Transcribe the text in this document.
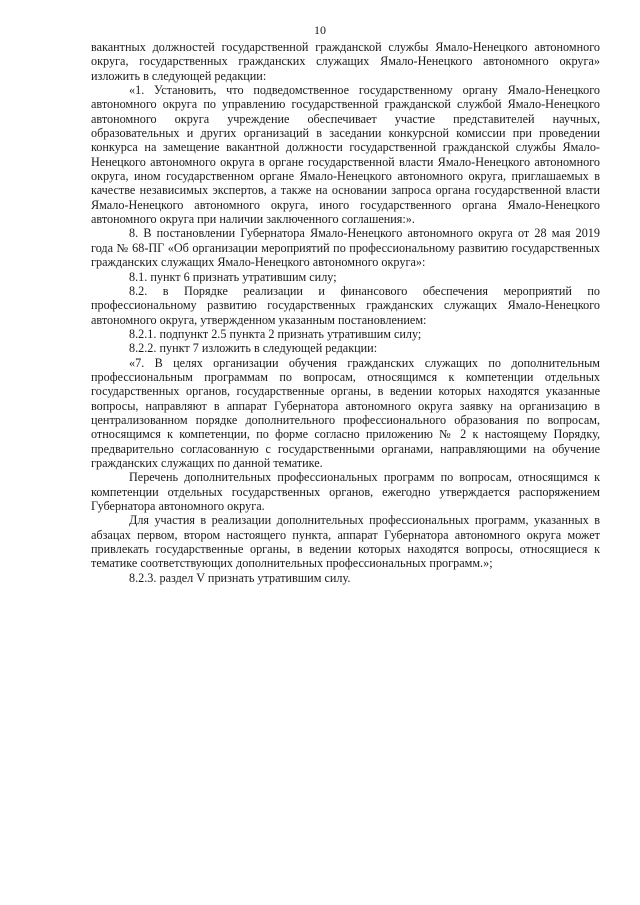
10

вакантных должностей государственной гражданской службы Ямало-Ненецкого автономного округа, государственных гражданских служащих Ямало-Ненецкого автономного округа» изложить в следующей редакции:

«1. Установить, что подведомственное государственному органу Ямало-Ненецкого автономного округа по управлению государственной гражданской службой Ямало-Ненецкого автономного округа учреждение обеспечивает участие представителей научных, образовательных и других организаций в заседании конкурсной комиссии при проведении конкурса на замещение вакантной должности государственной гражданской службы Ямало-Ненецкого автономного округа в органе государственной власти Ямало-Ненецкого автономного округа, ином государственном органе Ямало-Ненецкого автономного округа, приглашаемых в качестве независимых экспертов, а также на основании запроса органа государственной власти Ямало-Ненецкого автономного округа, иного государственного органа Ямало-Ненецкого автономного округа при наличии заключенного соглашения:».

8. В постановлении Губернатора Ямало-Ненецкого автономного округа от 28 мая 2019 года № 68-ПГ «Об организации мероприятий по профессиональному развитию государственных гражданских служащих Ямало-Ненецкого автономного округа»:

8.1. пункт 6 признать утратившим силу;

8.2. в Порядке реализации и финансового обеспечения мероприятий по профессиональному развитию государственных гражданских служащих Ямало-Ненецкого автономного округа, утвержденном указанным постановлением:

8.2.1. подпункт 2.5 пункта 2 признать утратившим силу;

8.2.2. пункт 7 изложить в следующей редакции:

«7. В целях организации обучения гражданских служащих по дополнительным профессиональным программам по вопросам, относящимся к компетенции отдельных государственных органов, государственные органы, в ведении которых находятся указанные вопросы, направляют в аппарат Губернатора автономного округа заявку на организацию в централизованном порядке дополнительного профессионального образования по вопросам, относящимся к компетенции, по форме согласно приложению № 2 к настоящему Порядку, предварительно согласованную с государственными органами, направляющими на обучение гражданских служащих по данной тематике.

Перечень дополнительных профессиональных программ по вопросам, относящимся к компетенции отдельных государственных органов, ежегодно утверждается распоряжением Губернатора автономного округа.

Для участия в реализации дополнительных профессиональных программ, указанных в абзацах первом, втором настоящего пункта, аппарат Губернатора автономного округа может привлекать государственные органы, в ведении которых находятся вопросы, относящиеся к тематике соответствующих дополнительных профессиональных программ.»;

8.2.3. раздел V признать утратившим силу.
